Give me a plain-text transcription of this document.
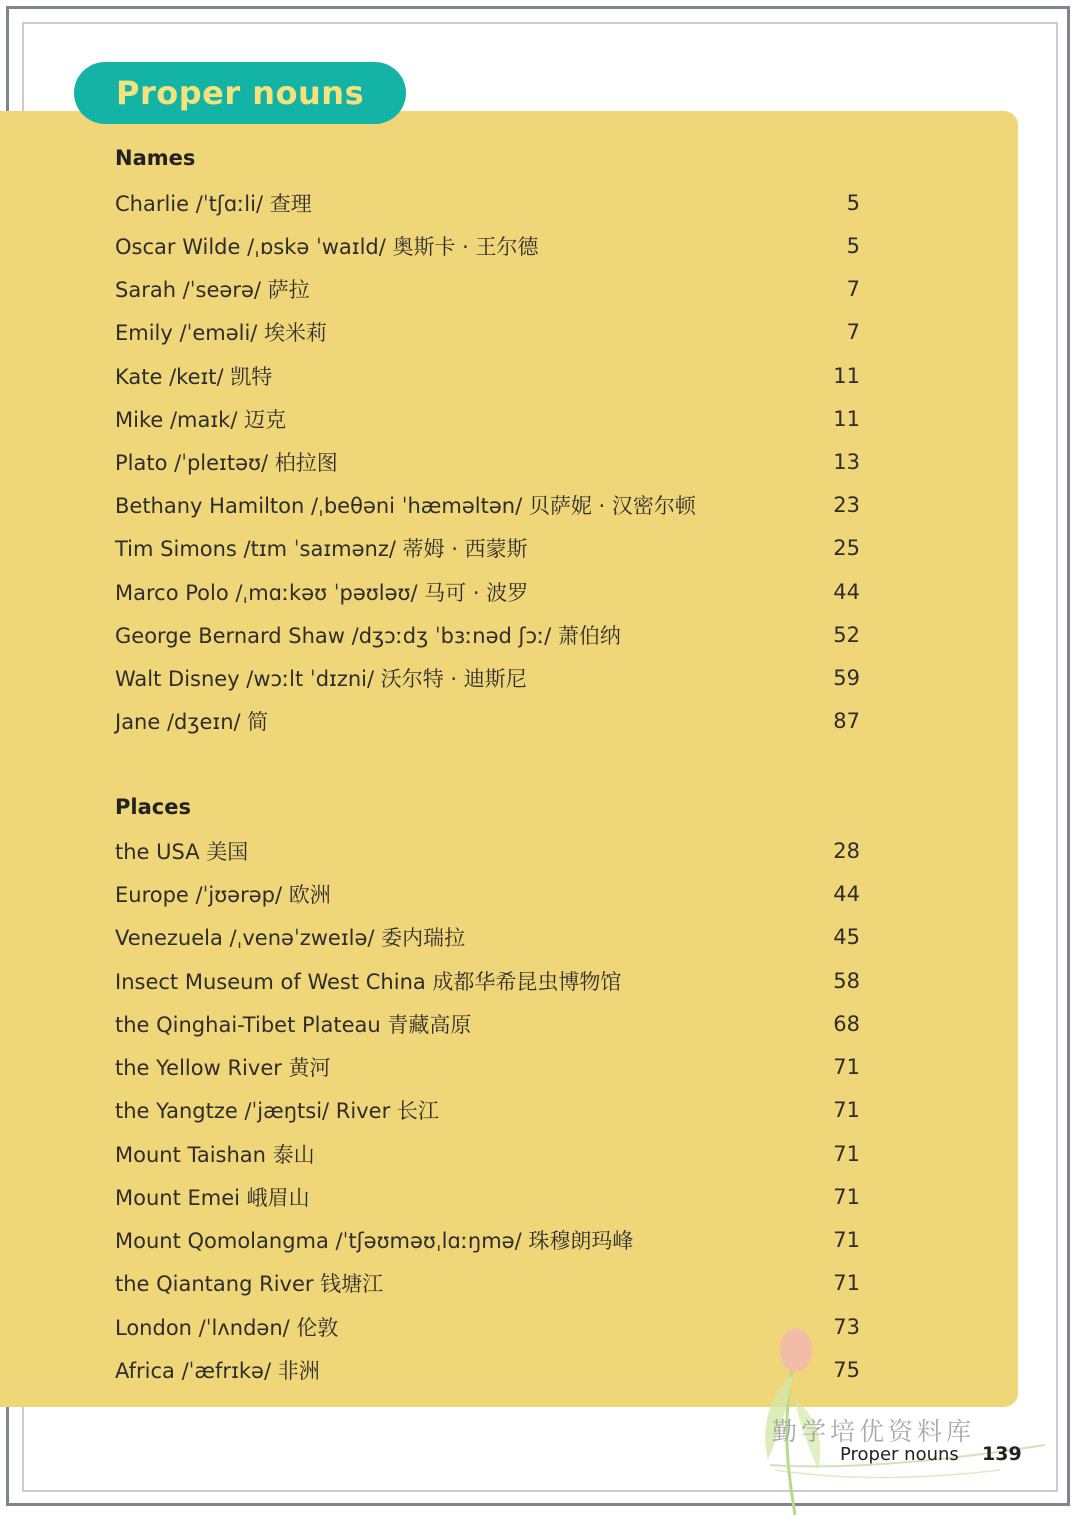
Proper nouns
Names
Charlie /ˈtʃɑːli/ 查理	5
Oscar Wilde /ˌɒskə ˈwaɪld/ 奥斯卡 · 王尔德	5
Sarah /ˈseərə/ 萨拉	7
Emily /ˈeməli/ 埃米莉	7
Kate /keɪt/ 凯特	11
Mike /maɪk/ 迈克	11
Plato /ˈpleɪtəʊ/ 柏拉图	13
Bethany Hamilton /ˌbeθəni ˈhæməltən/ 贝萨妮 · 汉密尔顿	23
Tim Simons /tɪm ˈsaɪmənz/ 蒂姆 · 西蒙斯	25
Marco Polo /ˌmɑːkəʊ ˈpəʊləʊ/ 马可 · 波罗	44
George Bernard Shaw /dʒɔːdʒ ˈbɜːnəd ʃɔː/ 萧伯纳	52
Walt Disney /wɔːlt ˈdɪzni/ 沃尔特 · 迪斯尼	59
Jane /dʒeɪn/ 简	87
Places
the USA 美国	28
Europe /ˈjʊərəp/ 欧洲	44
Venezuela /ˌvenəˈzweɪlə/ 委内瑞拉	45
Insect Museum of West China 成都华希昆虫博物馆	58
the Qinghai-Tibet Plateau 青藏高原	68
the Yellow River 黄河	71
the Yangtze /ˈjæŋtsi/ River 长江	71
Mount Taishan 泰山	71
Mount Emei 峨眉山	71
Mount Qomolangma /ˈtʃəʊməʊˌlɑːŋmə/ 珠穆朗玛峰	71
the Qiantang River 钱塘江	71
London /ˈlʌndən/ 伦敦	73
Africa /ˈæfrɪkə/ 非洲	75
勤学培优资料库
Proper nouns 139
